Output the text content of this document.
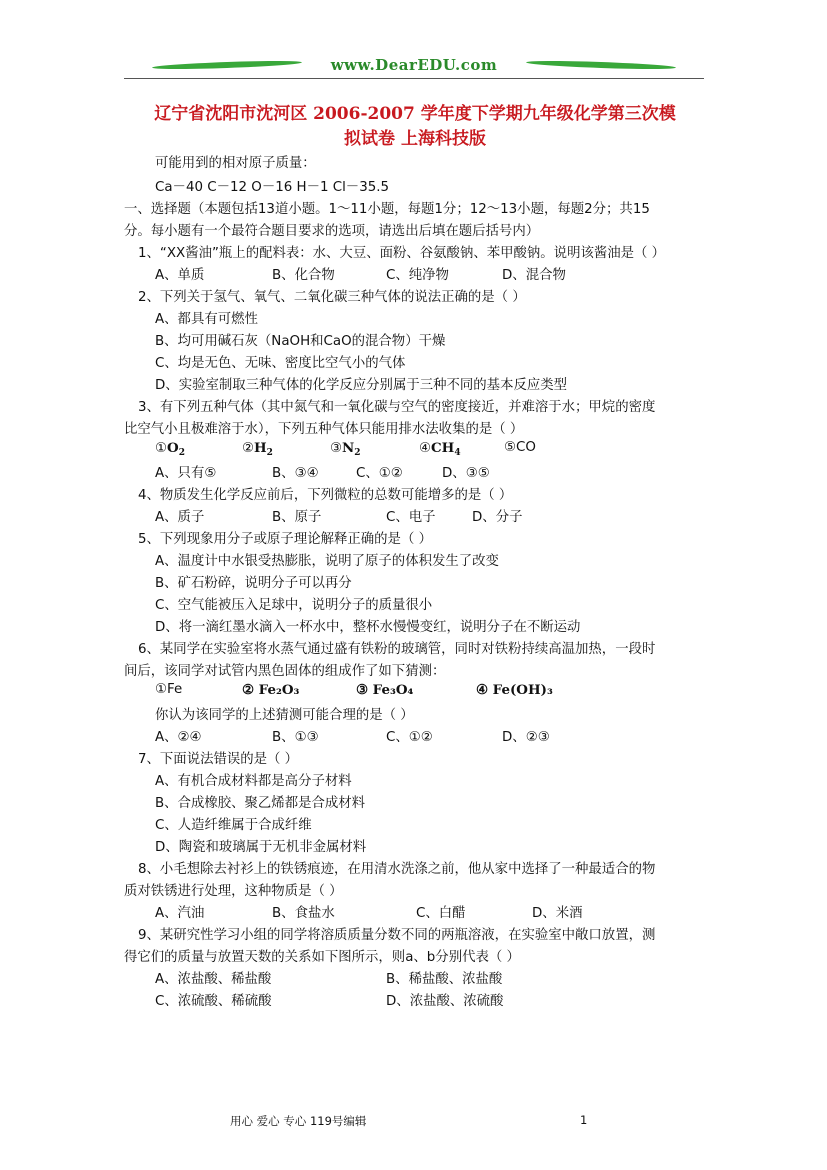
www.DearEDU.com
辽宁省沈阳市沈河区 2006-2007 学年度下学期九年级化学第三次模
拟试卷 上海科技版
可能用到的相对原子质量：
Ca－40 C－12 O－16 H－1 Cl－35.5
一、选择题（本题包括13道小题。1～11小题，每题1分；12～13小题，每题2分；共15
分。每小题有一个最符合题目要求的选项，请选出后填在题后括号内）
1、“XX酱油”瓶上的配料表：水、大豆、面粉、谷氨酸钠、苯甲酸钠。说明该酱油是（ ）
A、单质	B、化合物	C、纯净物	D、混合物
2、下列关于氢气、氧气、二氧化碳三种气体的说法正确的是（ ）
A、都具有可燃性
B、均可用碱石灰（NaOH和CaO的混合物）干燥
C、均是无色、无味、密度比空气小的气体
D、实验室制取三种气体的化学反应分别属于三种不同的基本反应类型
3、有下列五种气体（其中氮气和一氧化碳与空气的密度接近，并难溶于水；甲烷的密度
比空气小且极难溶于水），下列五种气体只能用排水法收集的是（ ）
$①O_2$	$②H_2$	$③N_2$	$④CH_4$	⑤CO
A、只有⑤	B、③④	C、①②	D、③⑤
4、物质发生化学反应前后，下列微粒的总数可能增多的是（ ）
A、质子	B、原子	C、电子	D、分子
5、下列现象用分子或原子理论解释正确的是（ ）
A、温度计中水银受热膨胀，说明了原子的体积发生了改变
B、矿石粉碎，说明分子可以再分
C、空气能被压入足球中，说明分子的质量很小
D、将一滴红墨水滴入一杯水中，整杯水慢慢变红，说明分子在不断运动
6、某同学在实验室将水蒸气通过盛有铁粉的玻璃管，同时对铁粉持续高温加热，一段时
间后，该同学对试管内黑色固体的组成作了如下猜测：
①Fe	② Fe₂O₃	③ Fe₃O₄	④ Fe(OH)₃
你认为该同学的上述猜测可能合理的是（ ）
A、②④	B、①③	C、①②	D、②③
7、下面说法错误的是（ ）
A、有机合成材料都是高分子材料
B、合成橡胶、聚乙烯都是合成材料
C、人造纤维属于合成纤维
D、陶瓷和玻璃属于无机非金属材料
8、小毛想除去衬衫上的铁锈痕迹，在用清水洗涤之前，他从家中选择了一种最适合的物
质对铁锈进行处理，这种物质是（ ）
A、汽油	B、食盐水	C、白醋	D、米酒
9、某研究性学习小组的同学将溶质质量分数不同的两瓶溶液，在实验室中敞口放置，测
得它们的质量与放置天数的关系如下图所示，则a、b分别代表（ ）
A、浓盐酸、稀盐酸	B、稀盐酸、浓盐酸
C、浓硫酸、稀硫酸	D、浓盐酸、浓硫酸
用心 爱心 专心 119号编辑	1
